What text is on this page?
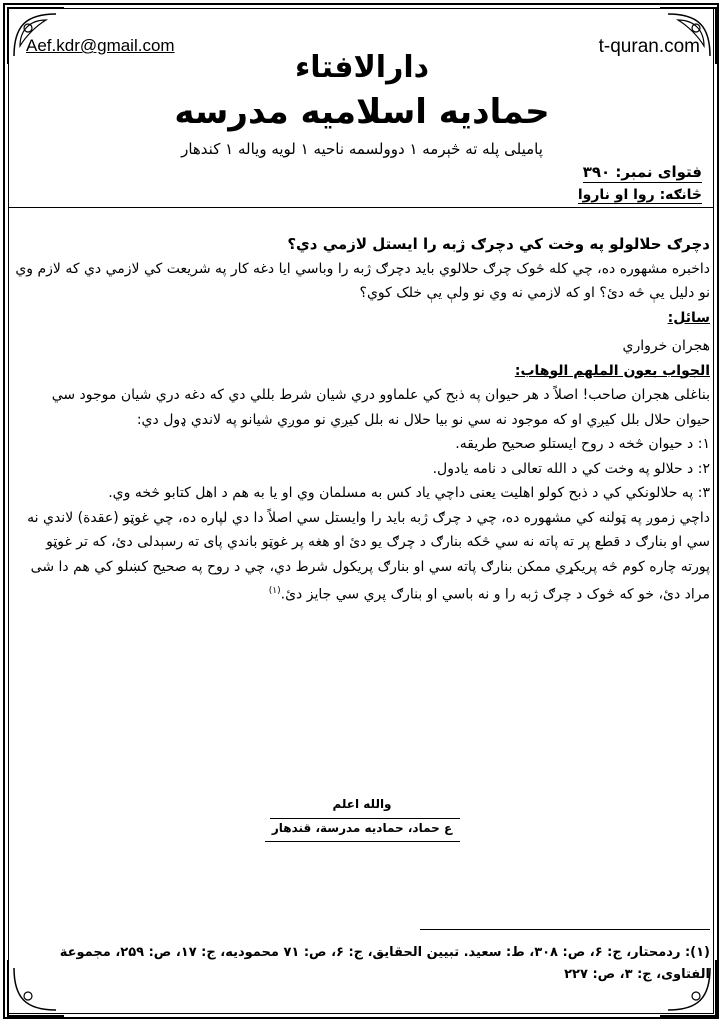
Aef.kdr@gmail.com	t-quran.com
دارالافتاء
حمادیه اسلامیه مدرسه
پامیلی پله ته څېرمه ۱ دوولسمه ناحیه ۱ لویه ویاله ۱ کندهار
فتوای نمبر: ۳۹۰
څانګه: روا او ناروا

دچرګ حلالولو په وخت کي دچرګ ژبه را ایستل لازمي دي؟

داخبره مشهوره ده، چي کله څوک چرګ حلالوي باید دچرګ ژبه را وباسي ایا دغه کار په شریعت کي لازمي دي که لازم وي نو دلیل یې څه دئ؟ او که لازمي نه وي نو ولې یې خلک کوي؟

سائل:

هجران خرواري

الجواب بعون الملهم الوهاب:

بناغلی هجران صاحب! اصلاً د هر حیوان په ذبح کي علماوو دري شیان شرط بللي دي که دغه دري شیان موجود سي حیوان حلال بلل کیږي او که موجود نه سي نو بیا حلال نه بلل کیږي نو موږي شیانو په لاندي ډول دي:

۱: د حیوان څخه د روح ایستلو صحیح طریقه.

۲: د حلالو په وخت کي د الله تعالی د نامه یادول.

۳: په حلالونکي کي د ذبح کولو اهلیت یعنی داچي یاد کس به مسلمان وي او یا به هم د اهل کتابو څخه وي.

داچي زموږ په ټولنه کي مشهوره ده، چي د چرګ ژبه باید را وایستل سي اصلاً دا دي لپاره ده، چي غوټو (عقدة) لاندي نه سي او بنارګ د قطع پر ته پاته نه سي څکه بنارګ د چرګ یو دئ او هغه پر غوټو باندي پای ته رسېدلی دئ، که تر غوټو پورته چاره کوم څه پریکړي ممکن بنارګ پاته سي او بنارګ پریکول شرط دي، چي د روح په صحیح کښلو کي هم دا شی مراد دئ، خو که څوک د چرګ ژبه را و نه باسي او بنارګ پري سي جایز دئ.$^{(۱)}$

والله اعلم
ع حماد، حمادیه مدرسة، قندهار
(۱): ردمحتار، ج: ۶، ص: ۳۰۸، ط: سعید. تبیین الحقایق، ج: ۶، ص: ۷۱ محمودیه، ج: ۱۷، ص: ۲۵۹، مجموعة الفتاوی، ج: ۳، ص: ۲۲۷
